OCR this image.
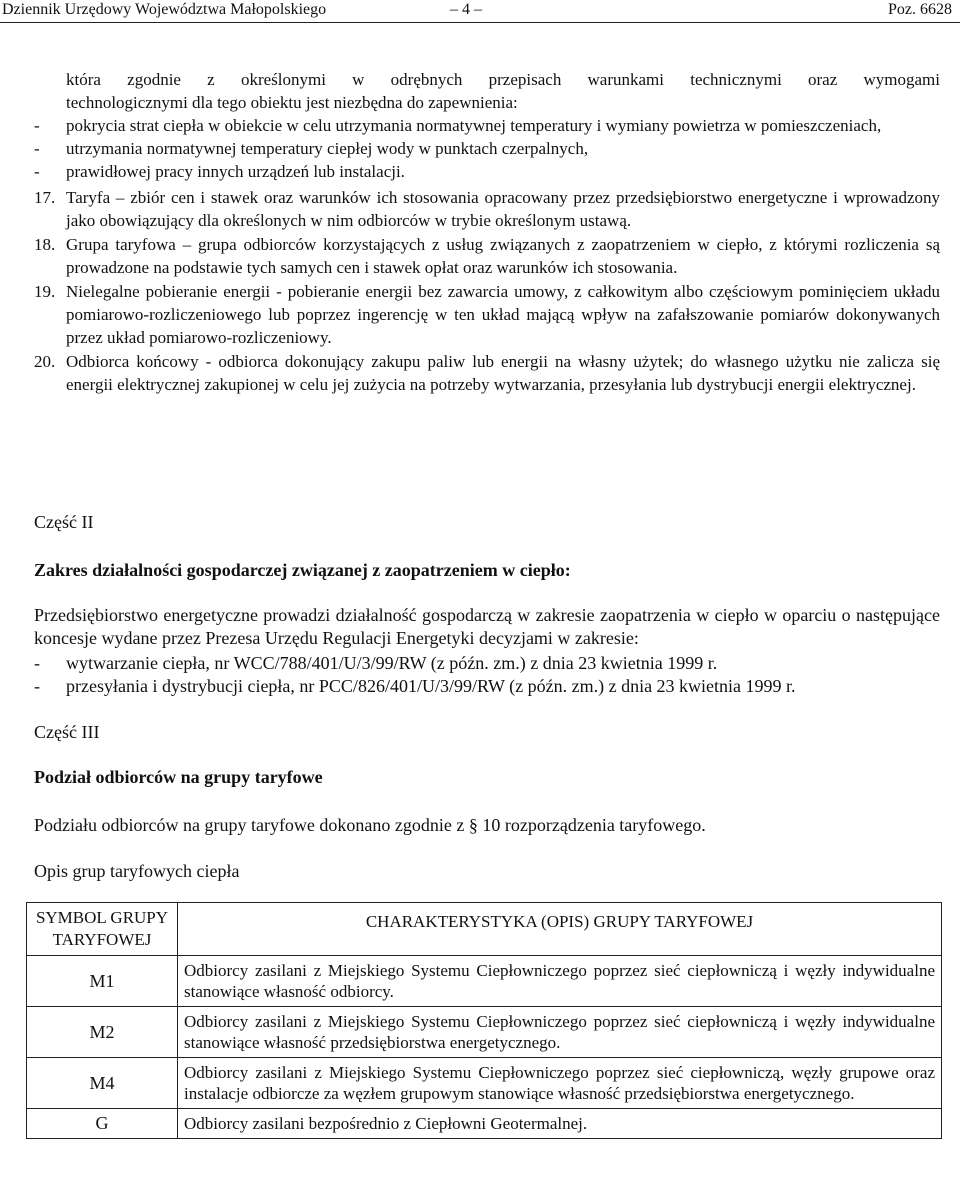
Dziennik Urzędowy Województwa Małopolskiego	– 4 –	Poz. 6628

która zgodnie z określonymi w odrębnych przepisach warunkami technicznymi oraz wymogami

technologicznymi dla tego obiektu jest niezbędna do zapewnienia:

- pokrycia strat ciepła w obiekcie w celu utrzymania normatywnej temperatury i wymiany powietrza w pomieszczeniach,

- utrzymania normatywnej temperatury ciepłej wody w punktach czerpalnych,

- prawidłowej pracy innych urządzeń lub instalacji.

17. Taryfa – zbiór cen i stawek oraz warunków ich stosowania opracowany przez przedsiębiorstwo energetyczne i wprowadzony jako obowiązujący dla określonych w nim odbiorców w trybie określonym ustawą.

18. Grupa taryfowa – grupa odbiorców korzystających z usług związanych z zaopatrzeniem w ciepło, z którymi rozliczenia są prowadzone na podstawie tych samych cen i stawek opłat oraz warunków ich stosowania.

19. Nielegalne pobieranie energii - pobieranie energii bez zawarcia umowy, z całkowitym albo częściowym pominięciem układu pomiarowo-rozliczeniowego lub poprzez ingerencję w ten układ mającą wpływ na zafałszowanie pomiarów dokonywanych przez układ pomiarowo-rozliczeniowy.

20. Odbiorca końcowy - odbiorca dokonujący zakupu paliw lub energii na własny użytek; do własnego użytku nie zalicza się energii elektrycznej zakupionej w celu jej zużycia na potrzeby wytwarzania, przesyłania lub dystrybucji energii elektrycznej.

Część II
Zakres działalności gospodarczej związanej z zaopatrzeniem w ciepło:
Przedsiębiorstwo energetyczne prowadzi działalność gospodarczą w zakresie zaopatrzenia w ciepło w oparciu o następujące koncesje wydane przez Prezesa Urzędu Regulacji Energetyki decyzjami w zakresie:
- wytwarzanie ciepła, nr WCC/788/401/U/3/99/RW (z późn. zm.) z dnia 23 kwietnia 1999 r.

- przesyłania i dystrybucji ciepła, nr PCC/826/401/U/3/99/RW (z późn. zm.) z dnia 23 kwietnia 1999 r.

Część III
Podział odbiorców na grupy taryfowe
Podziału odbiorców na grupy taryfowe dokonano zgodnie z § 10 rozporządzenia taryfowego.
Opis grup taryfowych ciepła
SYMBOL GRUPY TARYFOWEJ	CHARAKTERYSTYKA (OPIS) GRUPY TARYFOWEJ
M1	Odbiorcy zasilani z Miejskiego Systemu Ciepłowniczego poprzez sieć ciepłowniczą i węzły indywidualne stanowiące własność odbiorcy.
M2	Odbiorcy zasilani z Miejskiego Systemu Ciepłowniczego poprzez sieć ciepłowniczą i węzły indywidualne stanowiące własność przedsiębiorstwa energetycznego.
M4	Odbiorcy zasilani z Miejskiego Systemu Ciepłowniczego poprzez sieć ciepłowniczą, węzły grupowe oraz instalacje odbiorcze za węzłem grupowym stanowiące własność przedsiębiorstwa energetycznego.
G	Odbiorcy zasilani bezpośrednio z Ciepłowni Geotermalnej.
